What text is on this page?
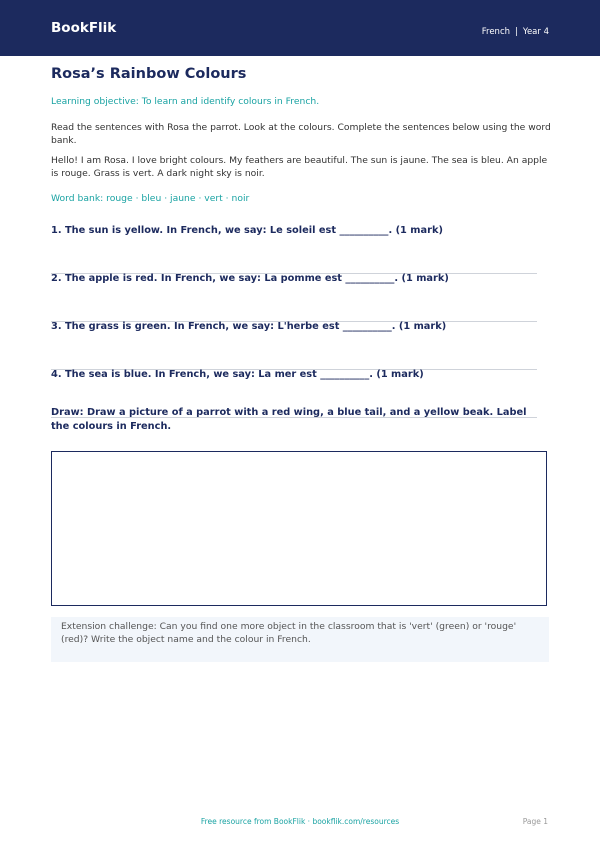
BookFlik	French | Year 4
Rosa’s Rainbow Colours
Learning objective: To learn and identify colours in French.
Read the sentences with Rosa the parrot. Look at the colours. Complete the sentences below using the word bank.
Hello! I am Rosa. I love bright colours. My feathers are beautiful. The sun is jaune. The sea is bleu. An apple is rouge. Grass is vert. A dark night sky is noir.
Word bank: rouge · bleu · jaune · vert · noir
1. The sun is yellow. In French, we say: Le soleil est __________. (1 mark)
2. The apple is red. In French, we say: La pomme est __________. (1 mark)
3. The grass is green. In French, we say: L'herbe est __________. (1 mark)
4. The sea is blue. In French, we say: La mer est __________. (1 mark)
Draw: Draw a picture of a parrot with a red wing, a blue tail, and a yellow beak. Label the colours in French.
Extension challenge: Can you find one more object in the classroom that is 'vert' (green) or 'rouge' (red)? Write the object name and the colour in French.
Free resource from BookFlik · bookflik.com/resources	Page 1
